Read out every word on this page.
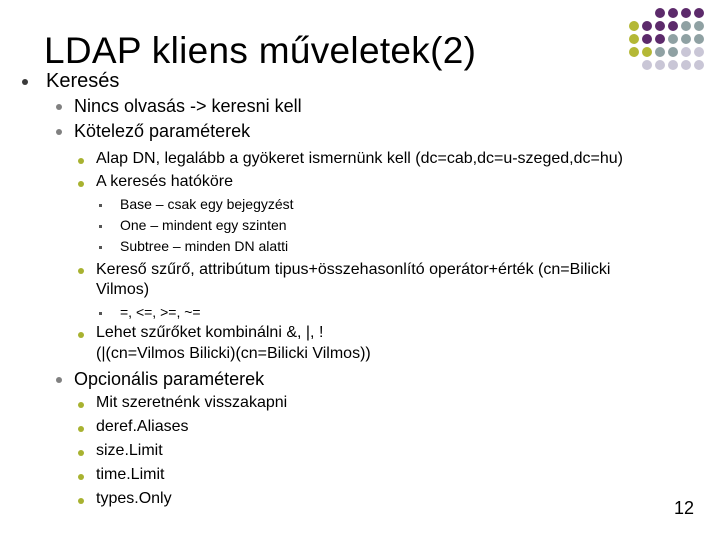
LDAP kliens műveletek(2)
Keresés
Nincs olvasás -> keresni kell
Kötelező paraméterek
Alap DN, legalább a gyökeret ismernünk kell (dc=cab,dc=u-szeged,dc=hu)
A keresés hatóköre
Base – csak egy bejegyzést
One – mindent egy szinten
Subtree – minden DN alatti
Kereső szűrő, attribútum tipus+összehasonlító operátor+érték (cn=Bilicki
Vilmos)
=, <=, >=, ~=
Lehet szűrőket kombinálni &, |, !
(|(cn=Vilmos Bilicki)(cn=Bilicki Vilmos))
Opcionális paraméterek
Mit szeretnénk visszakapni
deref.Aliases
size.Limit
time.Limit
types.Only	12
